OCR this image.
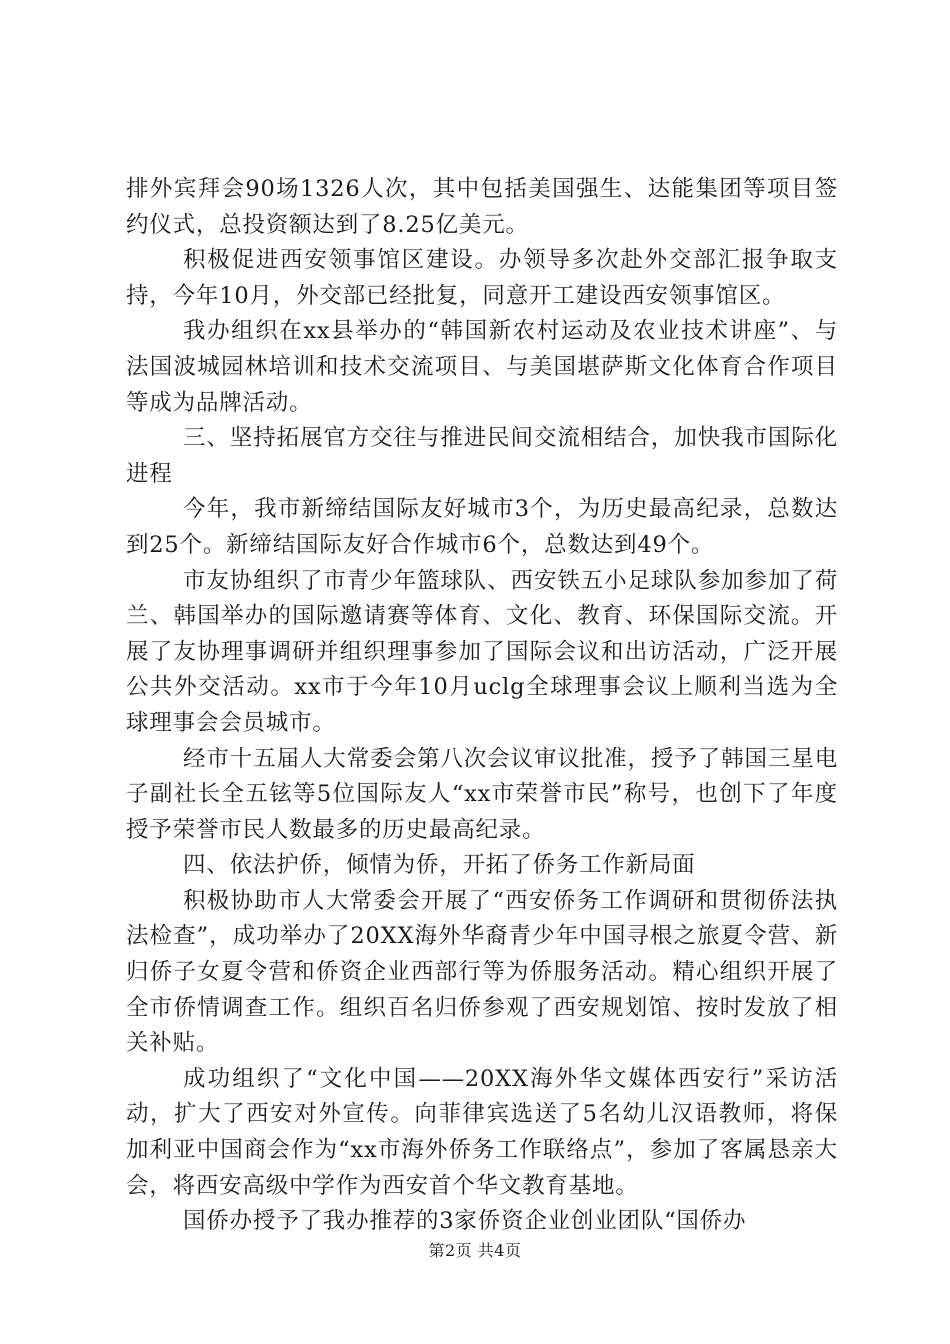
排外宾拜会90场1326人次，其中包括美国强生、达能集团等项目签约仪式，总投资额达到了8.25亿美元。

积极促进西安领事馆区建设。办领导多次赴外交部汇报争取支持，今年10月，外交部已经批复，同意开工建设西安领事馆区。

我办组织在xx县举办的“韩国新农村运动及农业技术讲座”、与法国波城园林培训和技术交流项目、与美国堪萨斯文化体育合作项目等成为品牌活动。

三、坚持拓展官方交往与推进民间交流相结合，加快我市国际化进程

今年，我市新缔结国际友好城市3个，为历史最高纪录，总数达到25个。新缔结国际友好合作城市6个，总数达到49个。

市友协组织了市青少年篮球队、西安铁五小足球队参加参加了荷兰、韩国举办的国际邀请赛等体育、文化、教育、环保国际交流。开展了友协理事调研并组织理事参加了国际会议和出访活动，广泛开展公共外交活动。xx市于今年10月uclg全球理事会议上顺利当选为全球理事会会员城市。

经市十五届人大常委会第八次会议审议批准，授予了韩国三星电子副社长全五铉等5位国际友人“xx市荣誉市民”称号，也创下了年度授予荣誉市民人数最多的历史最高纪录。

四、依法护侨，倾情为侨，开拓了侨务工作新局面

积极协助市人大常委会开展了“西安侨务工作调研和贯彻侨法执法检查”，成功举办了20XX海外华裔青少年中国寻根之旅夏令营、新归侨子女夏令营和侨资企业西部行等为侨服务活动。精心组织开展了全市侨情调查工作。组织百名归侨参观了西安规划馆、按时发放了相关补贴。

成功组织了“文化中国——20XX海外华文媒体西安行”采访活动，扩大了西安对外宣传。向菲律宾选送了5名幼儿汉语教师，将保加利亚中国商会作为“xx市海外侨务工作联络点”，参加了客属恳亲大会，将西安高级中学作为西安首个华文教育基地。

国侨办授予了我办推荐的3家侨资企业创业团队“国侨办

第2页 共4页
